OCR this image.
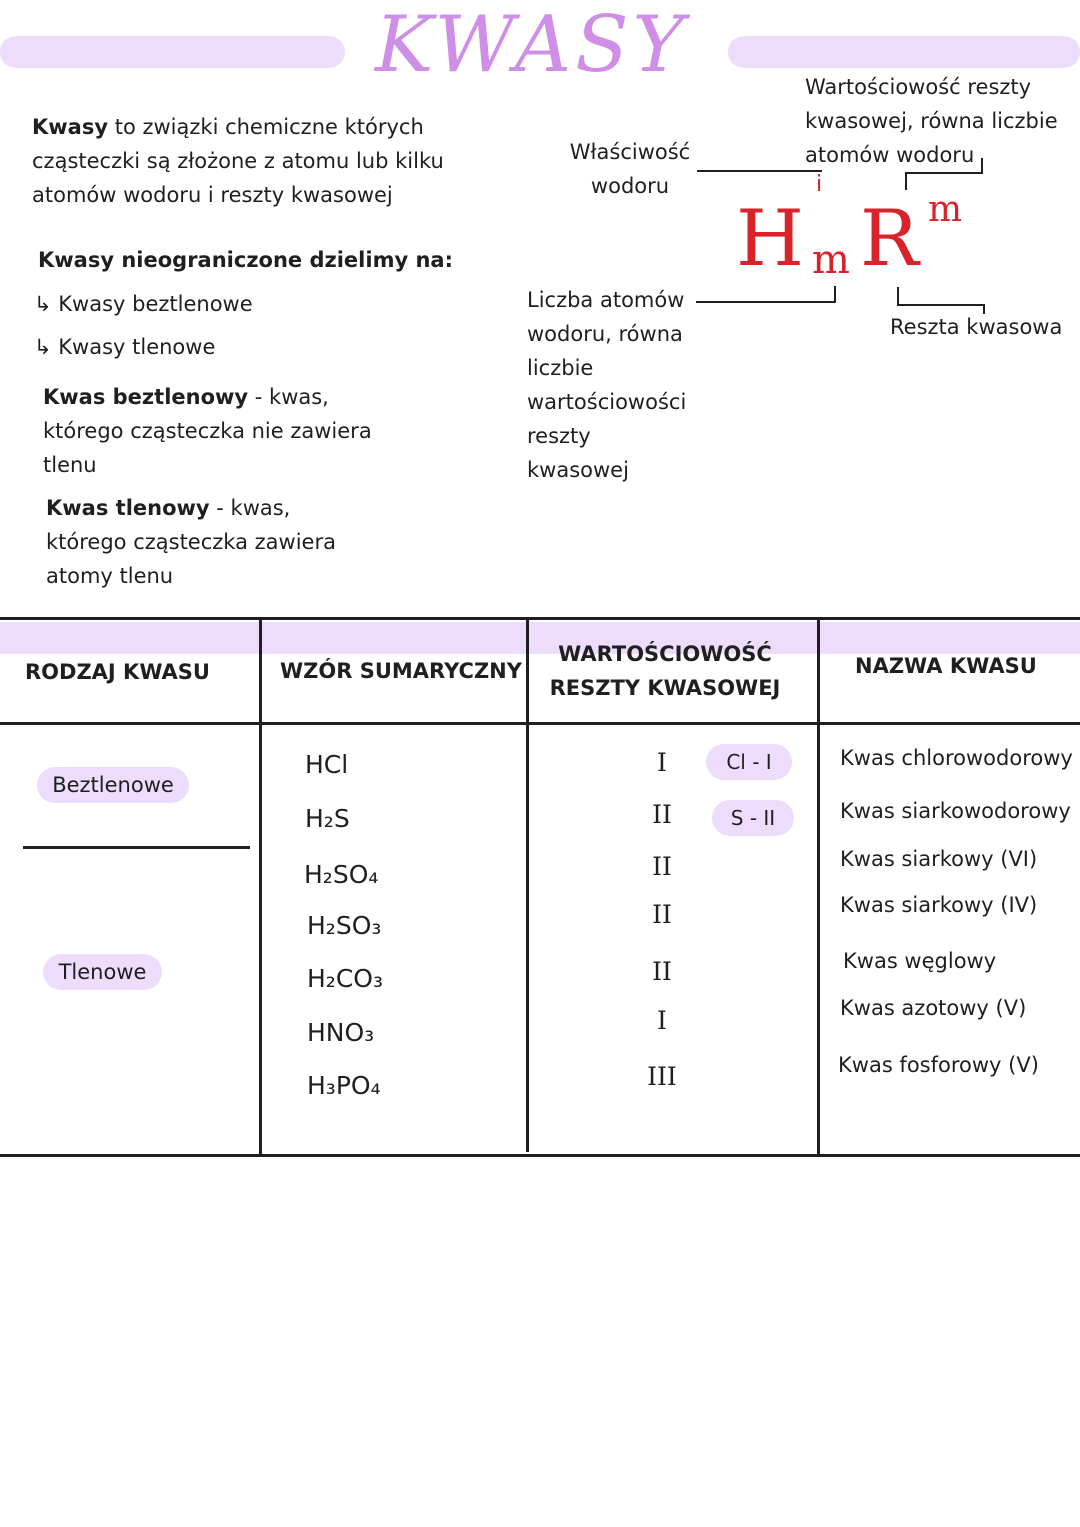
KWASY
Kwasy to związki chemiczne których
cząsteczki są złożone z atomu lub kilku
atomów wodoru i reszty kwasowej
Kwasy nieograniczone dzielimy na:
↳ Kwasy beztlenowe
↳ Kwasy tlenowe
Kwas beztlenowy - kwas,
którego cząsteczka nie zawiera
tlenu
Kwas tlenowy - kwas,
którego cząsteczka zawiera
atomy tlenu
Właściwość
wodoru
Wartościowość reszty
kwasowej, równa liczbie
atomów wodoru
Liczba atomów
wodoru, równa
liczbie
wartościowości
reszty
kwasowej
Reszta kwasowa
H m R m
i
RODZAJ KWASU	WZÓR SUMARYCZNY
WARTOŚCIOWOŚĆ
RESZTY KWASOWEJ
NAZWA KWASU
Beztlenowe
Tlenowe
HCl
H₂S
H₂SO₄
H₂SO₃
H₂CO₃
HNO₃
H₃PO₄
I
II
II
II
II
I
III
Cl - I
S - II
Kwas chlorowodorowy
Kwas siarkowodorowy
Kwas siarkowy (VI)
Kwas siarkowy (IV)
Kwas węglowy
Kwas azotowy (V)
Kwas fosforowy (V)
